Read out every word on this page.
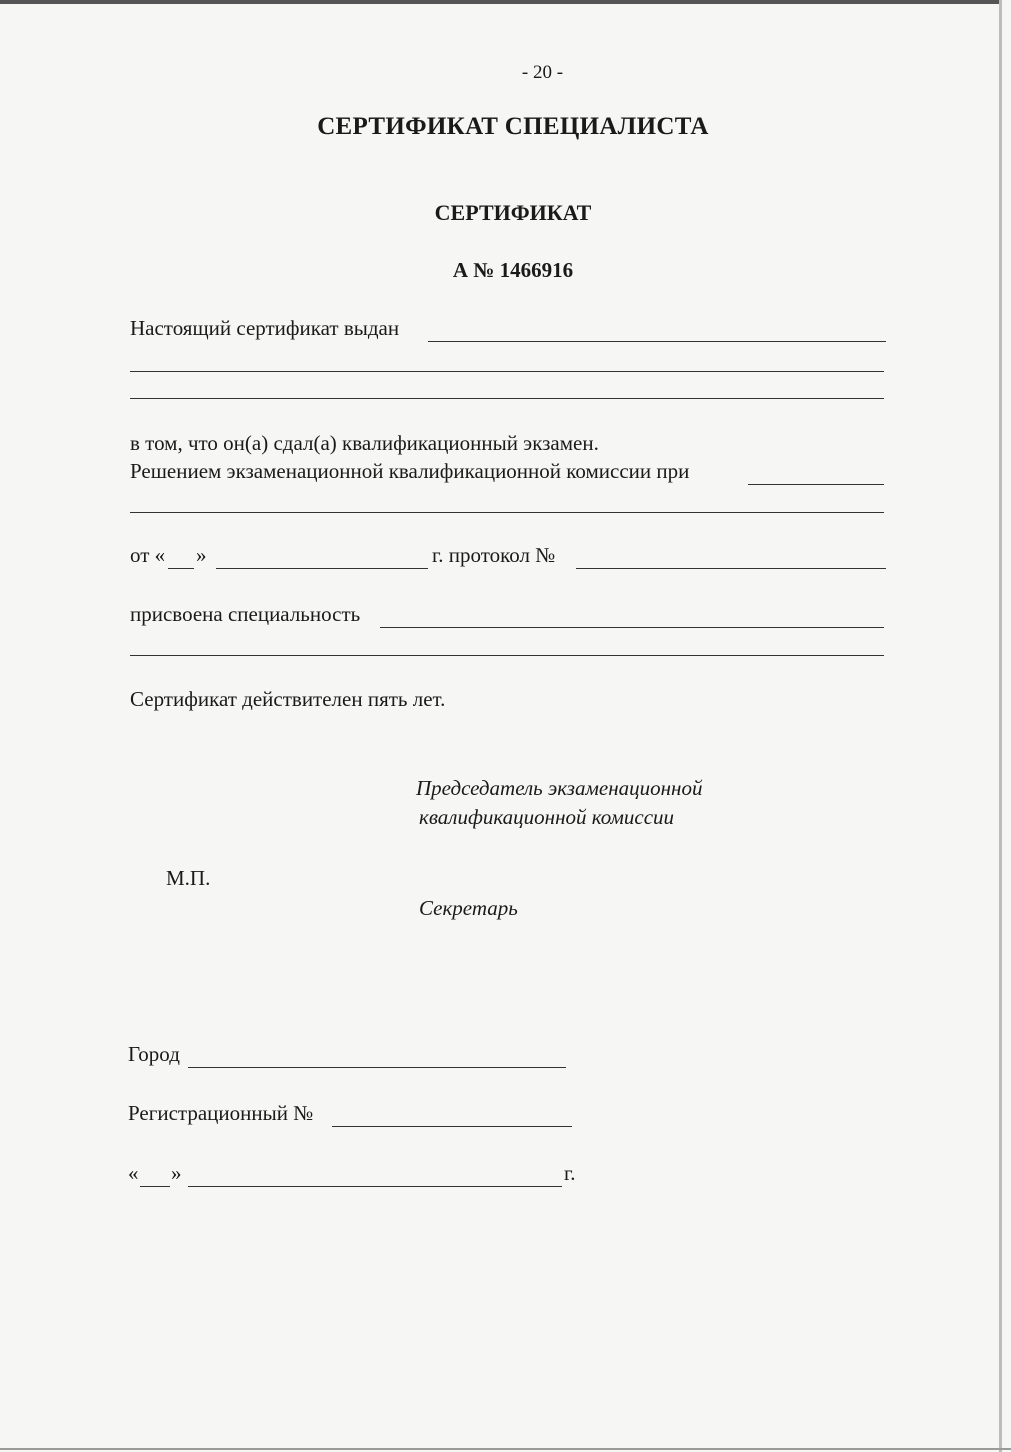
- 20 -
СЕРТИФИКАТ СПЕЦИАЛИСТА
СЕРТИФИКАТ
А № 1466916
Настоящий сертификат выдан
в том, что он(а) сдал(а) квалификационный экзамен.
Решением экзаменационной квалификационной комиссии при
от « »	г. протокол №
присвоена специальность
Сертификат действителен пять лет.
Председатель экзаменационной
квалификационной комиссии
М.П.
Секретарь
Город
Регистрационный №
« »	г.
